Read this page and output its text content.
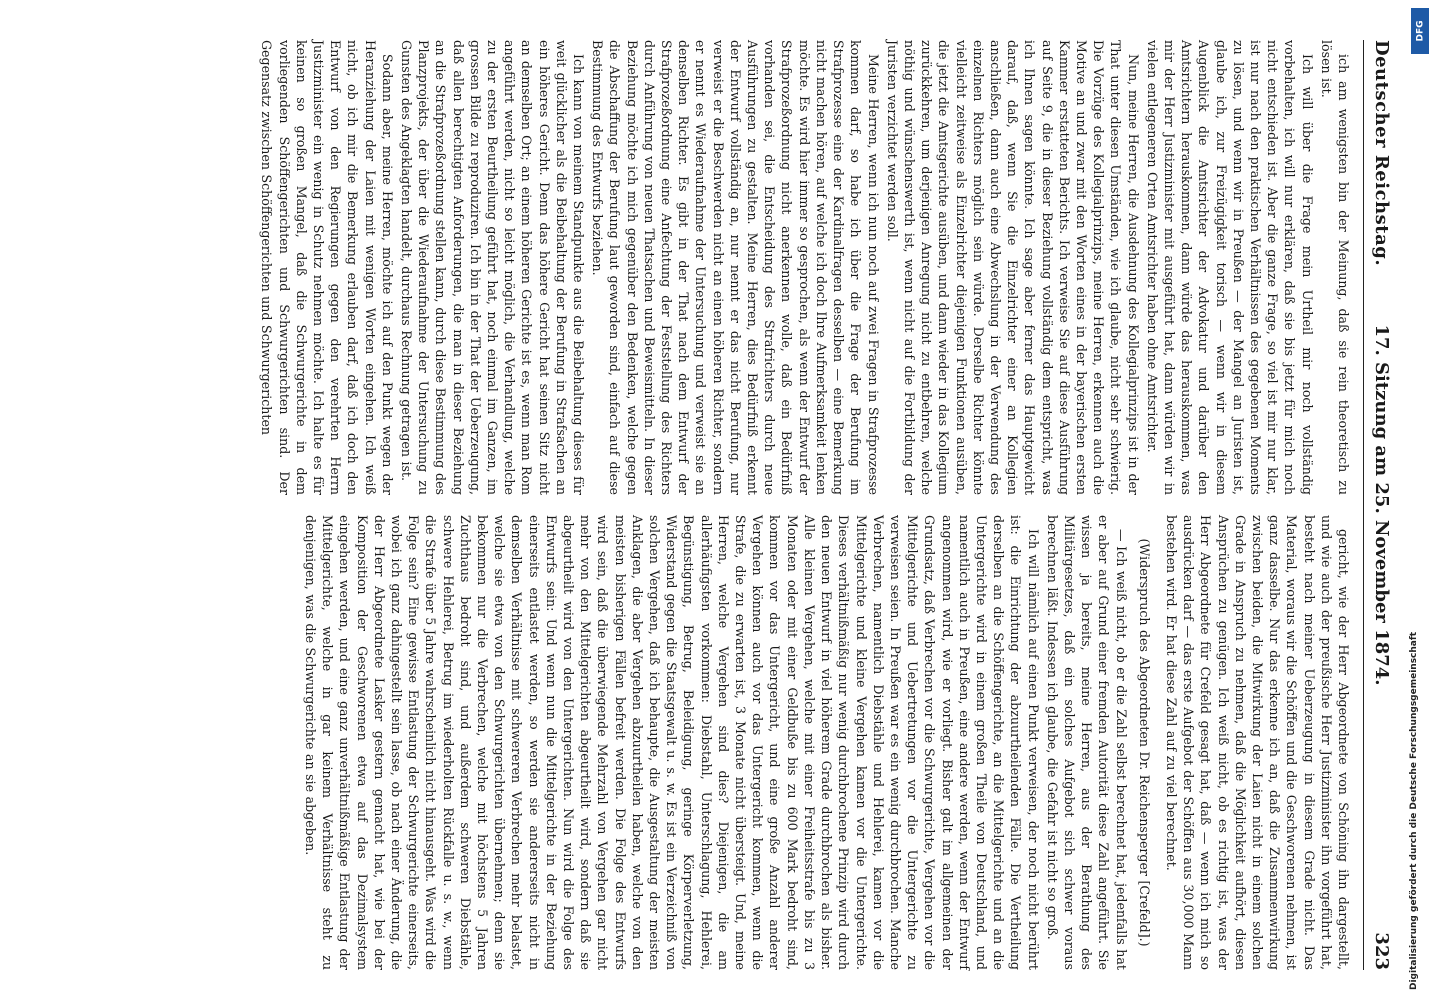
Deutscher Reichstag.
17. Sitzung am 25. November 1874.
323

ich am wenigsten bin der Meinung, daß sie rein theoretisch zu lösen ist.

Ich will über die Frage mein Urtheil mir noch vollständig vorbehalten, ich will nur erklären, daß sie bis jetzt für mich noch nicht entschieden ist. Aber die ganze Frage, so viel ist mir nur klar, ist nur nach den praktischen Verhältnissen des gegebenen Moments zu lösen, und wenn wir in Preußen — der Mangel an Juristen ist, glaube ich, zur Freizügigkeit torisch — wenn wir in diesem Augenblick die Amtsrichter der Advokatur und darüber den Amtsrichtern herauskommen, dann würde das herauskommen, was mir der Herr Justizminister mit ausgeführt hat, dann würden wir in vielen entlegeneren Orten Amtsrichter haben ohne Amtsrichter.

Nun, meine Herren, die Ausdehnung des Kollegialprinzips ist in der That unter diesen Umständen, wie ich glaube, nicht sehr schwierig. Die Vorzüge des Kollegialprinzips, meine Herren, erkennen auch die Motive an und zwar mit den Worten eines in der bayerischen ersten Kammer erstatteten Berichts. Ich verweise Sie auf diese Ausführung auf Seite 9, die in dieser Beziehung vollständig dem entspricht, was ich Ihnen sagen könnte. Ich sage aber ferner das Hauptgewicht darauf, daß, wenn Sie die Einzelrichter einer an Kollegien anschließen, dann auch eine Abwechslung in der Verwendung des einzelnen Richters möglich sein würde. Derselbe Richter könnte vielleicht zeitweise als Einzelrichter diejenigen Funktionen ausüben, die jetzt die Amtsgerichte ausüben, und dann wieder in das Kollegium zurückkehren, um derjenigen Anregung nicht zu entbehren, welche nöthig und wünschenswerth ist, wenn nicht auf die Fortbildung der Juristen verzichtet werden soll.

Meine Herren, wenn ich nun noch auf zwei Fragen in Strafprozesse kommen darf, so habe ich über die Frage der Berufung im Strafprozesse eine der Kardinalfragen desselben — eine Bemerkung nicht machen hören, auf welche ich doch Ihre Aufmerksamkeit lenken möchte. Es wird hier immer so gesprochen, als wenn der Entwurf der Strafprozeßordnung nicht anerkennen wolle, daß ein Bedürfniß vorhanden sei, die Entscheidung des Strafrichters durch neue Ausführungen zu gestalten. Meine Herren, dies Bedürfniß erkennt der Entwurf vollständig an, nur nennt er das nicht Berufung, nur verweist er die Beschwerden nicht an einen höheren Richter, sondern er nennt es Wiederaufnahme der Untersuchung und verweist sie an denselben Richter. Es gibt in der That nach dem Entwurf der Strafprozeßordnung eine Anfechtung der Feststellung des Richters durch Anführung von neuen Thatsachen und Beweismitteln. In dieser Beziehung möchte ich mich gegenüber den Bedenken, welche gegen die Abschaffung der Berufung laut geworden sind, einfach auf diese Bestimmung des Entwurfs beziehen.

Ich kann von meinem Standpunkte aus die Beibehaltung dieses für weit glücklicher als die Beibehaltung der Berufung in Strafsachen an ein höheres Gericht. Denn das höhere Gericht hat seinen Sitz nicht an demselben Ort; an einem höheren Gerichte ist es, wenn man Rom angeführt werden, nicht so leicht möglich, die Verhandlung, welche zu der ersten Beurtheilung geführt hat, noch einmal im Ganzen, im grossen Bilde zu reproduziren. Ich bin in der That der Ueberzeugung, daß allen berechtigten Anforderungen, die man in dieser Beziehung an die Strafprozeßordnung stellen kann, durch diese Bestimmung des Planzprojekts, der über die Wiederaufnahme der Untersuchung zu Gunsten des Angeklagten handelt, durchaus Rechnung getragen ist.

Sodann aber, meine Herren, möchte ich auf den Punkt wegen der Heranziehung der Laien mit wenigen Worten eingehen. Ich weiß nicht, ob ich mir die Bemerkung erlauben darf, daß ich doch den Entwurf von den Regierungen gegen den verehrten Herrn Justizminister ein wenig in Schutz nehmen möchte. Ich halte es für keinen so großen Mangel, daß die Schwurgerichte in dem vorliegenden Schöffengerichten und Schwurgerichten sind. Der Gegensatz zwischen Schöffengerichten und Schwurgerichten

gericht, wie der Herr Abgeordnete von Schöning ihn dargestellt, und wie auch der preußische Herr Justizminister ihn vorgeführt hat, besteht nach meiner Ueberzeugung in diesem Grade nicht. Das Material, woraus wir die Schöffen und die Geschworenen nehmen, ist ganz dasselbe. Nur das erkenne ich an, daß die Zusammenwirkung zwischen beiden, die Mitwirkung der Laien nicht in einem solchen Grade in Anspruch zu nehmen, daß die Möglichkeit aufhört, diesen Ansprüchen zu genügen. Ich weiß nicht, ob es richtig ist, was der Herr Abgeordnete für Crefeld gesagt hat, daß — wenn ich mich so ausdrücken darf — das erste Aufgebot der Schöffen aus 30,000 Mann bestehen wird. Er hat diese Zahl auf zu viel berechnet.

(Widerspruch des Abgeordneten Dr. Reichensperger [Crefeld].)

— Ich weiß nicht, ob er die Zahl selbst berechnet hat, jedenfalls hat er aber auf Grund einer fremden Autorität diese Zahl angeführt. Sie wissen ja bereits, meine Herren, aus der Berathung des Militärgesetzes, daß ein solches Aufgebot sich schwer voraus berechnen läßt. Indessen ich glaube, die Gefahr ist nicht so groß.

Ich will nämlich auf einen Punkt verweisen, der noch nicht berührt ist: die Einrichtung der abzuurtheilenden Fälle. Die Vertheilung derselben an die Schöffengerichte, an die Mittelgerichte und an die Untergerichte wird in einem großen Theile von Deutschland, und namentlich auch in Preußen, eine andere werden, wenn der Entwurf angenommen wird, wie er vorliegt. Bisher galt im allgemeinen der Grundsatz, daß Verbrechen vor die Schwurgerichte, Vergehen vor die Mittelgerichte und Uebertretungen vor die Untergerichte zu verweisen seien. In Preußen war es ein wenig durchbrochen. Manche Verbrechen, namentlich Diebstähle und Hehlerei, kamen vor die Mittelgerichte und kleine Vergehen kamen vor die Untergerichte. Dieses verhältnißmäßig nur wenig durchbrochene Prinzip wird durch den neuen Entwurf in viel höherem Grade durchbrochen als bisher. Alle kleinen Vergehen, welche mit einer Freiheitsstrafe bis zu 3 Monaten oder mit einer Geldbuße bis zu 600 Mark bedroht sind, kommen vor das Untergericht, und eine große Anzahl anderer Vergehen können auch vor das Untergericht kommen, wenn die Strafe, die zu erwarten ist, 3 Monate nicht übersteigt. Und, meine Herren, welche Vergehen sind dies? Diejenigen, die am allerhäufigsten vorkommen: Diebstahl, Unterschlagung, Hehlerei, Begünstigung, Betrug, Beleidigung, geringe Körperverletzung, Widerstand gegen die Staatsgewalt u. s. w. Es ist ein Verzeichniß von solchen Vergehen, daß ich behaupte, die Ausgestaltung der meisten Anklagen, die aber Vergehen abzuurtheilen haben, welche von den meisten bisherigen Fällen befreit werden. Die Folge des Entwurfs wird sein, daß die überwiegende Mehrzahl von Vergehen gar nicht mehr von den Mittelgerichten abgeurtheilt wird, sondern daß sie abgeurtheilt wird von den Untergerichten. Nun wird die Folge des Entwurfs sein: Und wenn nun die Mittelgerichte in der Beziehung einerseits entlastet werden, so werden sie andererseits nicht in demselben Verhältnisse mit schwereren Verbrechen mehr belastet, welche sie etwa von den Schwurgerichten übernehmen; denn sie bekommen nur die Verbrechen, welche mit höchstens 5 Jahren Zuchthaus bedroht sind, und außerdem schweren Diebstähle, schwere Hehlerei, Betrug im wiederholten Rückfalle u. s. w., wenn die Strafe über 5 Jahre wahrscheinlich nicht hinausgeht. Was wird die Folge sein? Eine gewisse Entlastung der Schwurgerichte einerseits, wobei ich ganz dahingestellt sein lasse, ob nach einer Änderung, die der Herr Abgeordnete Lasker gestern gemacht hat, wie bei der Komposition der Geschworenen etwa auf das Dezimalsystem eingehen werden, und eine ganz unverhältnißmäßige Entlastung der Mittelgerichte, welche in gar keinem Verhältnisse steht zu denjenigen, was die Schwurgerichte an sie abgeben.	Digitalisierung gefördert durch die Deutsche Forschungsgemeinschaft
DFG
